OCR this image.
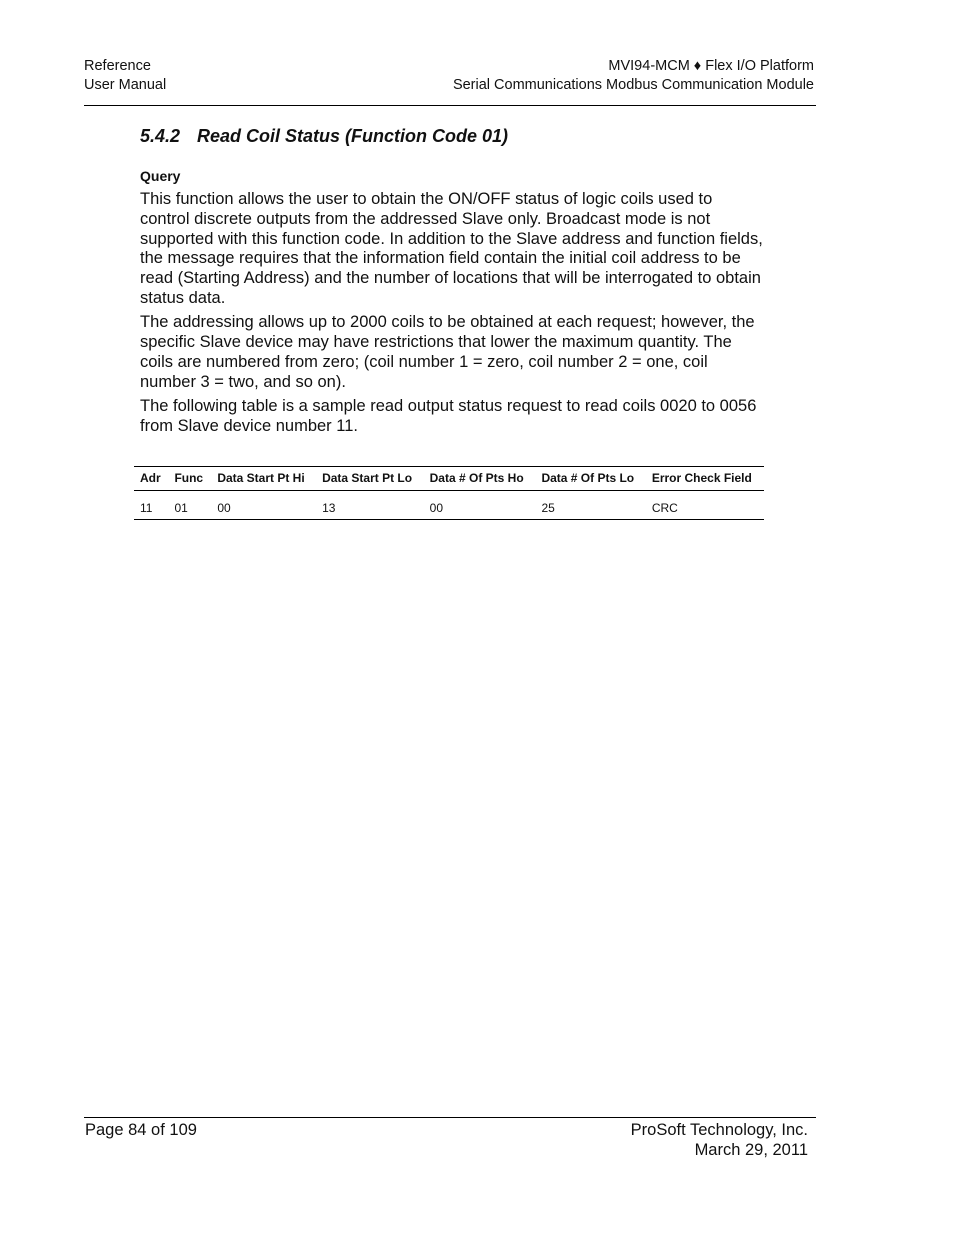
Reference
User Manual
MVI94-MCM ♦ Flex I/O Platform
Serial Communications Modbus Communication Module
5.4.2 Read Coil Status (Function Code 01)
Query

This function allows the user to obtain the ON/OFF status of logic coils used to control discrete outputs from the addressed Slave only. Broadcast mode is not supported with this function code. In addition to the Slave address and function fields, the message requires that the information field contain the initial coil address to be read (Starting Address) and the number of locations that will be interrogated to obtain status data.

The addressing allows up to 2000 coils to be obtained at each request; however, the specific Slave device may have restrictions that lower the maximum quantity. The coils are numbered from zero; (coil number 1 = zero, coil number 2 = one, coil number 3 = two, and so on).

The following table is a sample read output status request to read coils 0020 to 0056 from Slave device number 11.

Adr	Func	Data Start Pt Hi	Data Start Pt Lo	Data # Of Pts Ho	Data # Of Pts Lo	Error Check Field
11	01	00	13	00	25	CRC
Page 84 of 109	ProSoft Technology, Inc.
March 29, 2011
